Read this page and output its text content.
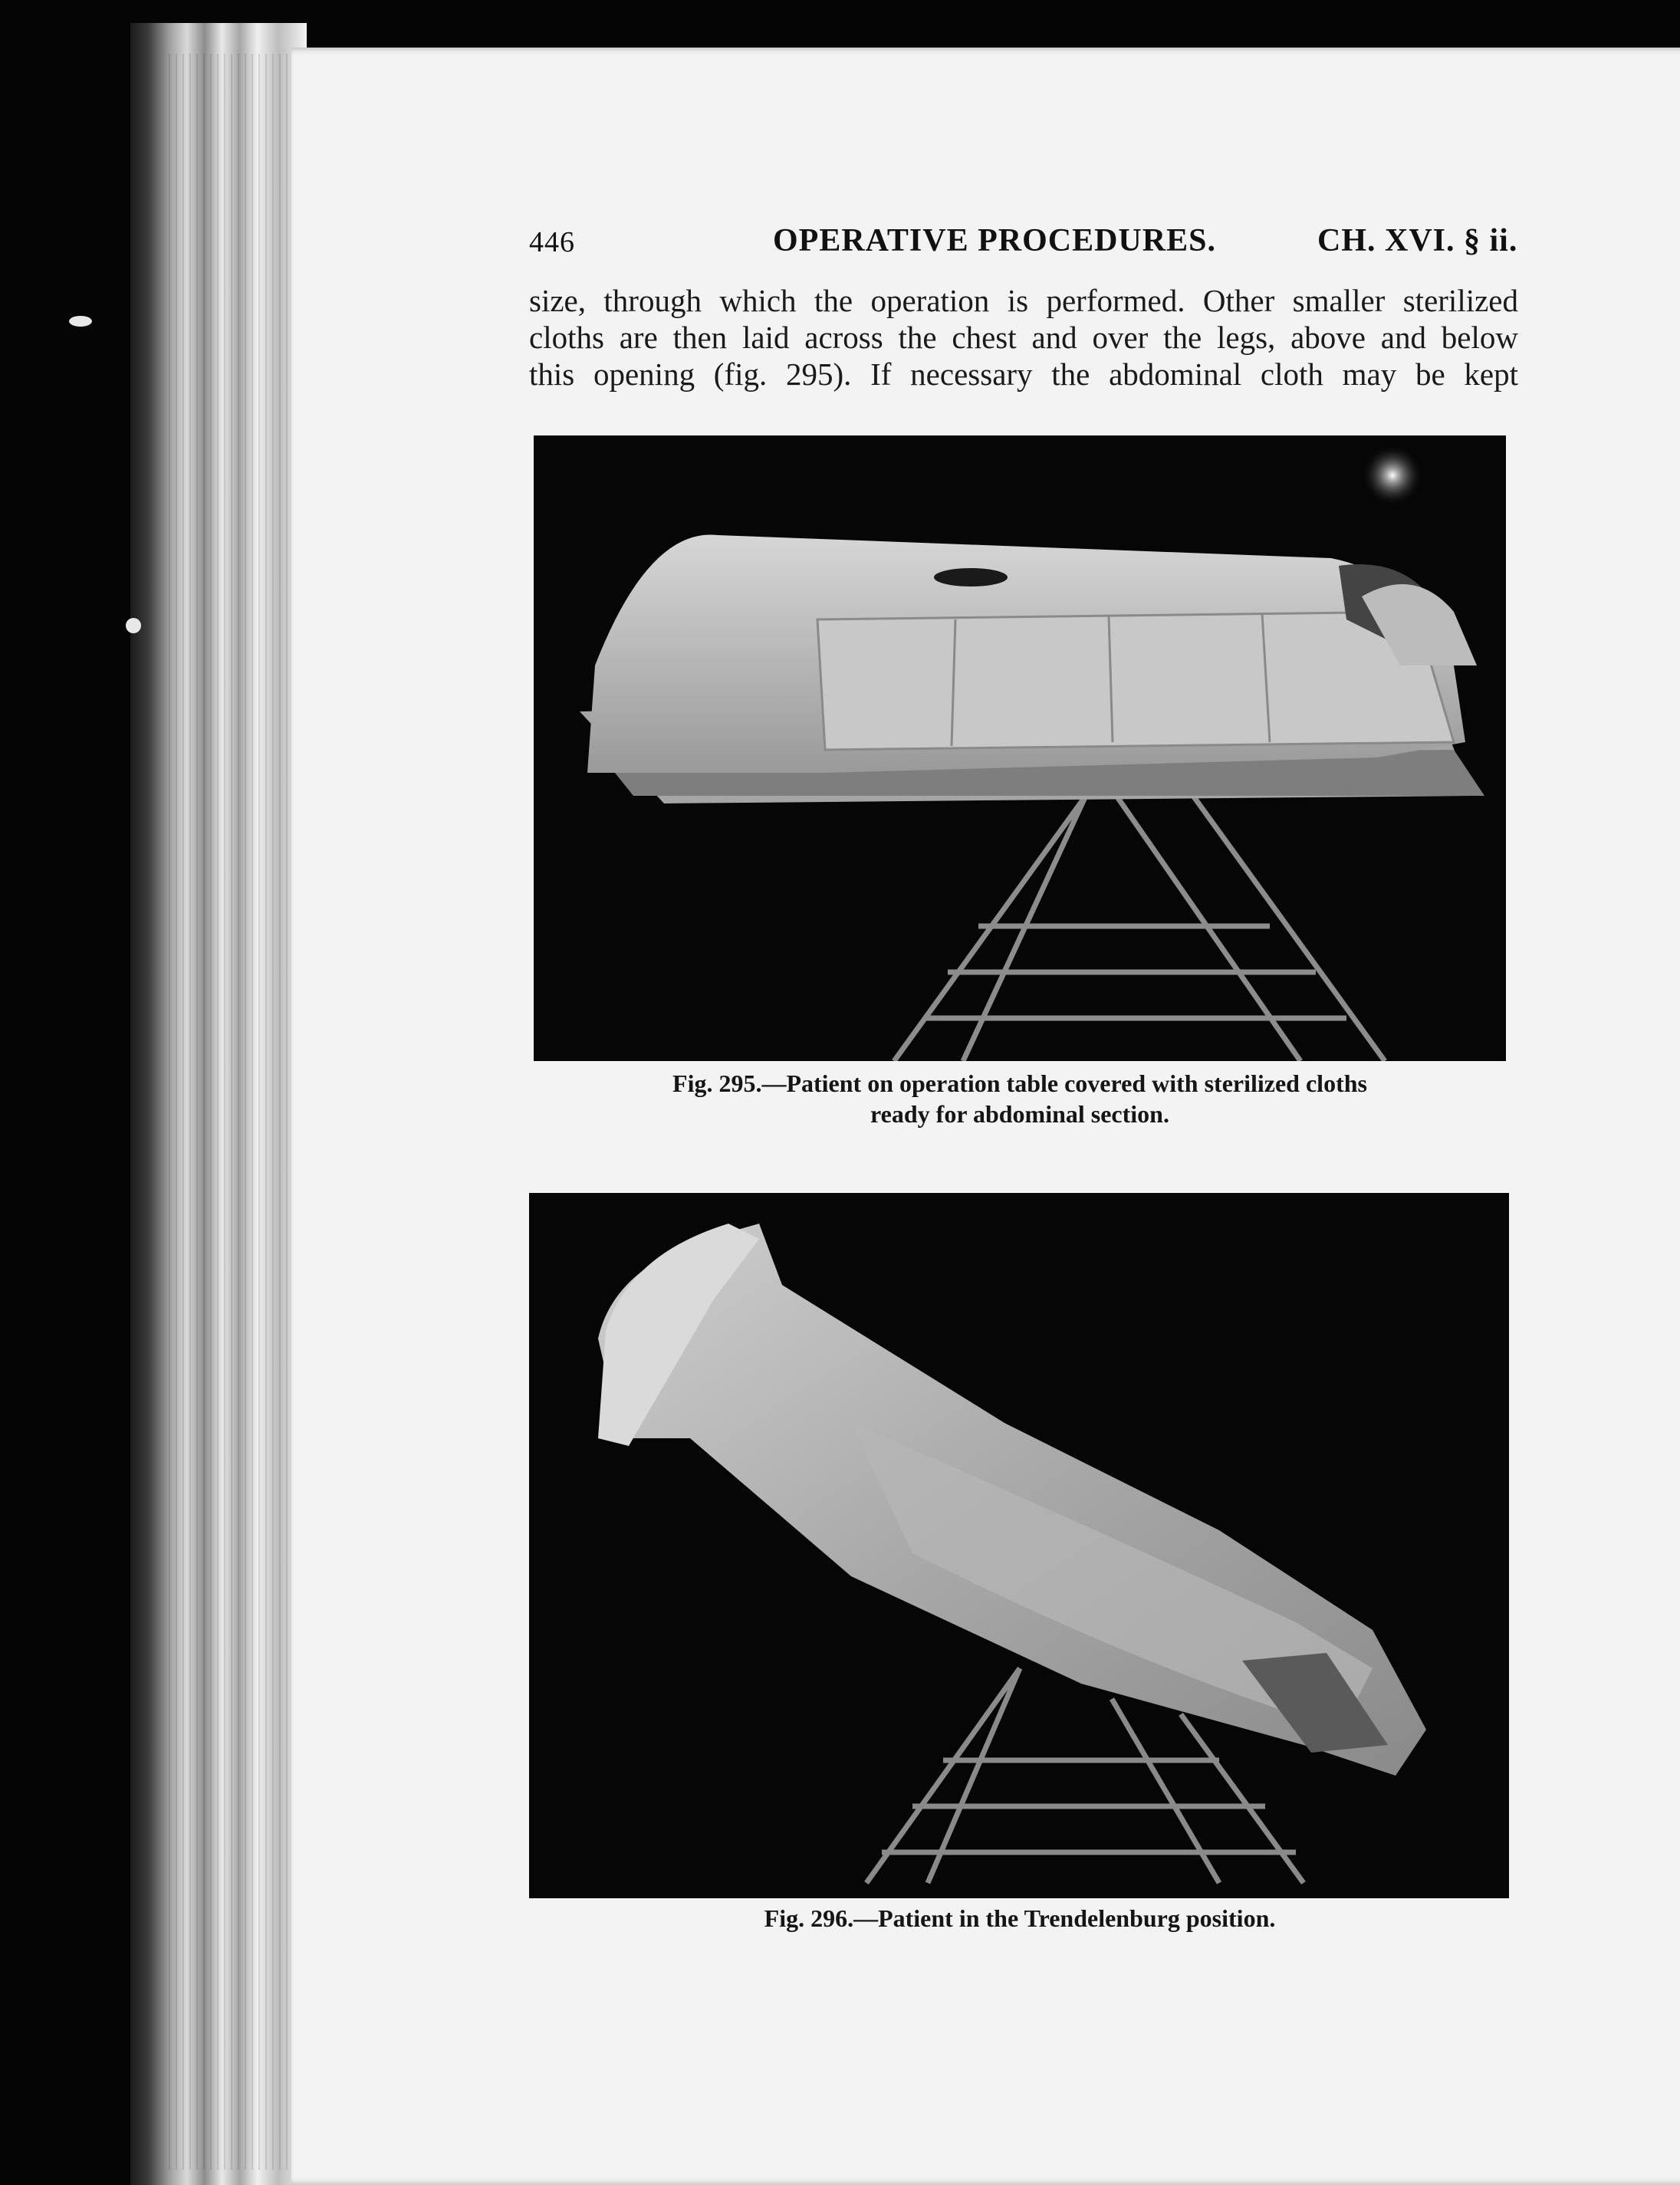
446	OPERATIVE PROCEDURES.	CH. XVI. § ii.
size, through which the operation is performed. Other smaller sterilized
cloths are then laid across the chest and over the legs, above and below
this opening (fig. 295). If necessary the abdominal cloth may be kept
Fig. 295.—Patient on operation table covered with sterilized cloths
ready for abdominal section.
Fig. 296.—Patient in the Trendelenburg position.
